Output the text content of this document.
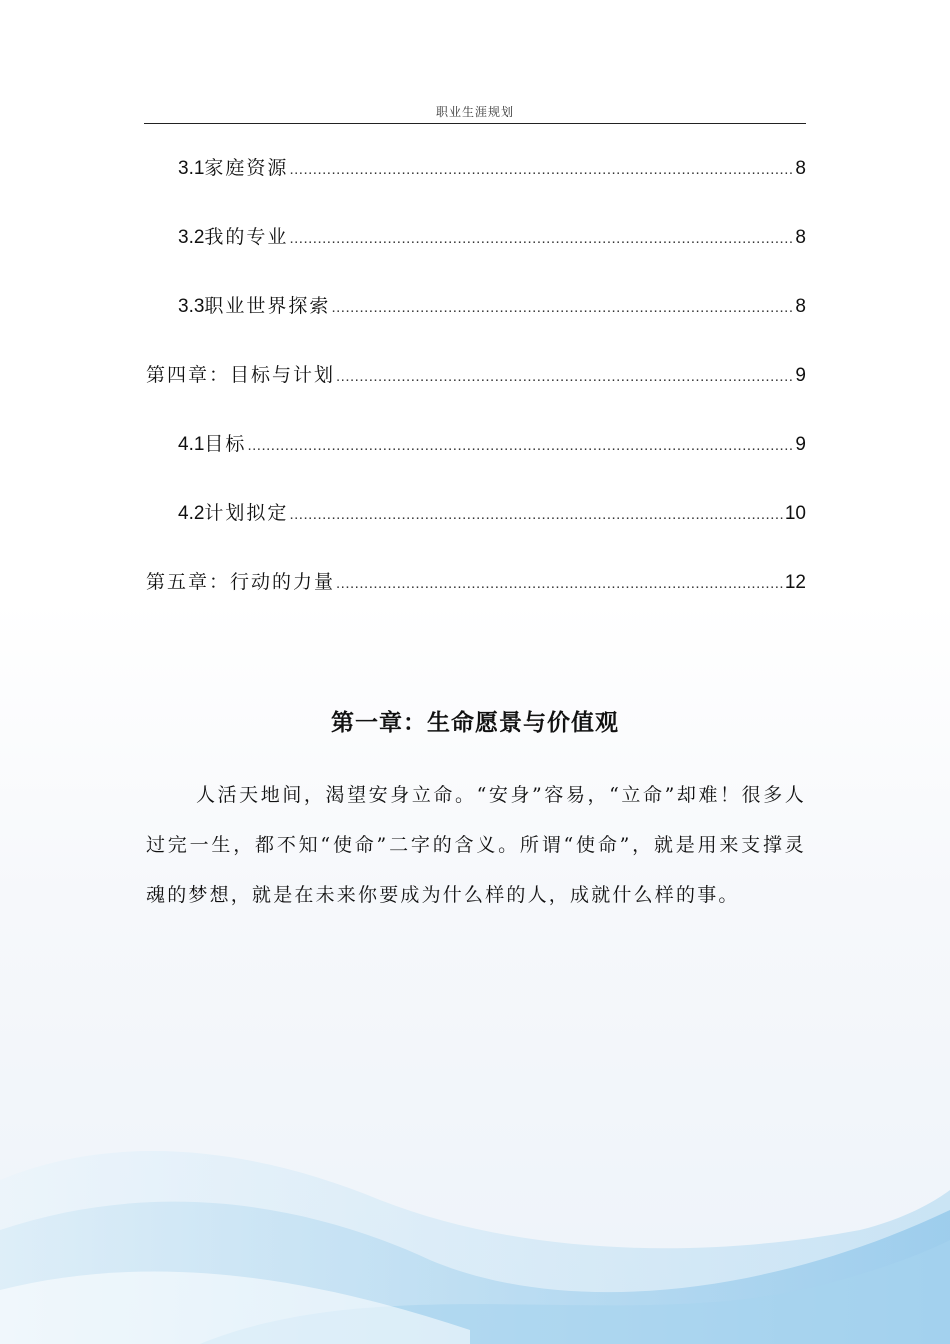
职业生涯规划
3.1 家庭资源 .....	8
3.2 我的专业 .....	8
3.3 职业世界探索 .....	8
第四章：目标与计划 .....	9
4.1 目标 .....	9
4.2 计划拟定 .....	10
第五章：行动的力量 .....	12
第一章：生命愿景与价值观

人活天地间，渴望安身立命。“安身”容易，“立命”却难！很多人过完一生，都不知“使命”二字的含义。所谓“使命”，就是用来支撑灵魂的梦想，就是在未来你要成为什么样的人，成就什么样的事。
